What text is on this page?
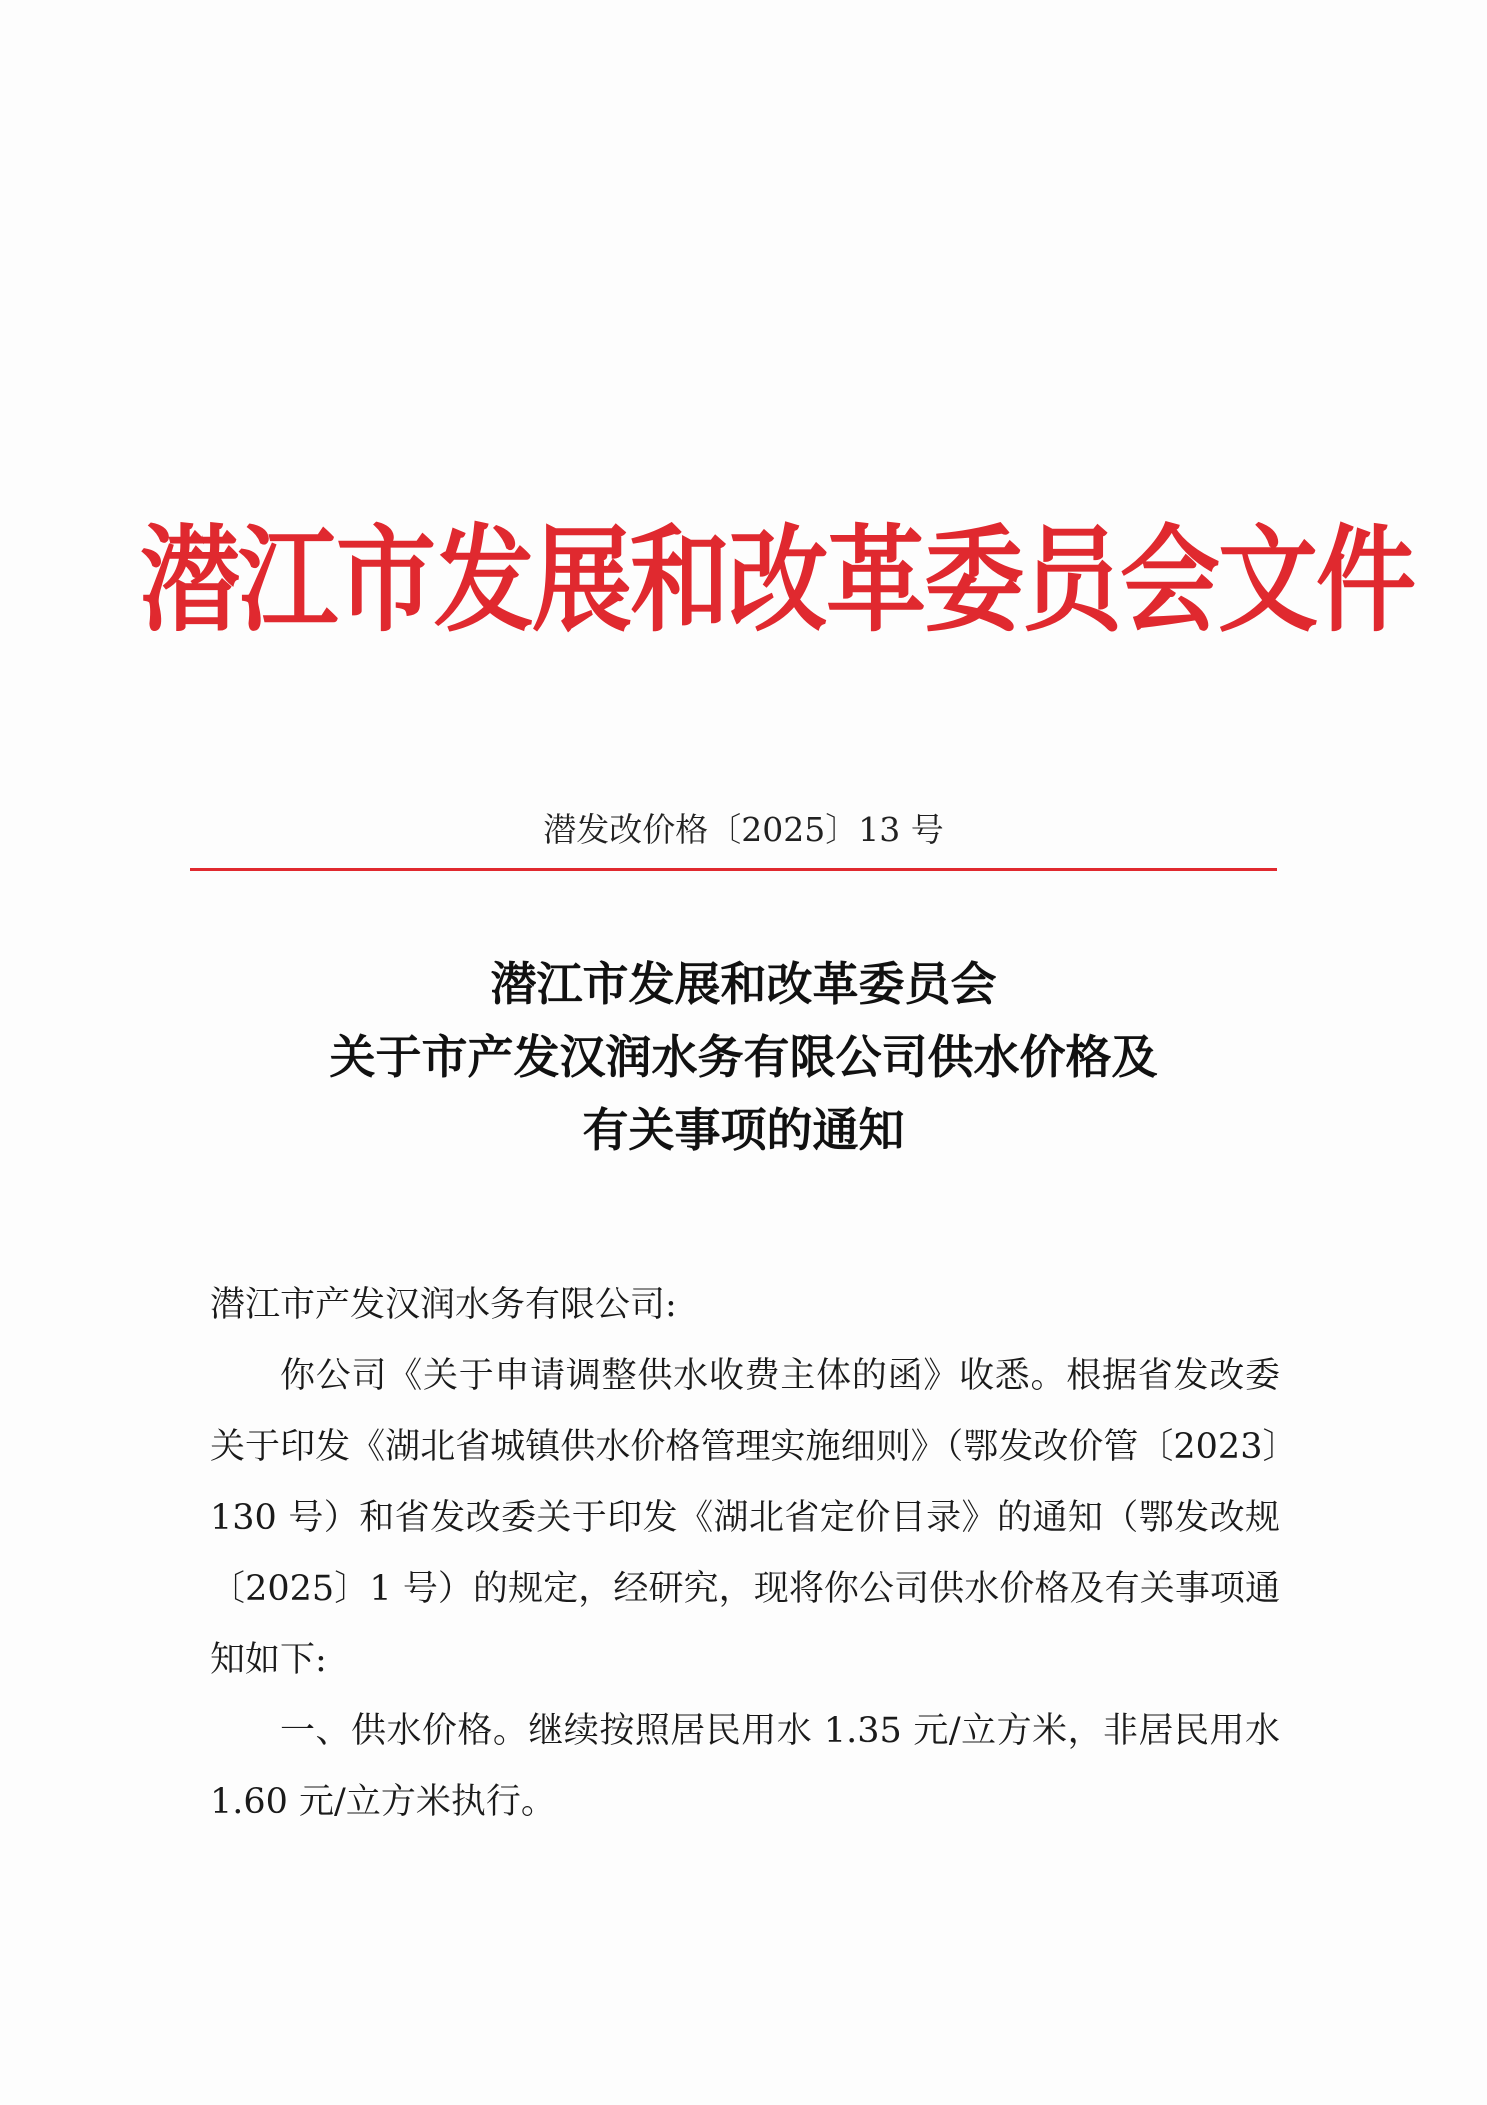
潜江市发展和改革委员会文件
潜发改价格〔2025〕13 号
潜江市发展和改革委员会
关于市产发汉润水务有限公司供水价格及
有关事项的通知

潜江市产发汉润水务有限公司:

你公司《关于申请调整供水收费主体的函》收悉。根据省发改委关于印发《湖北省城镇供水价格管理实施细则》（鄂发改价管〔2023〕130 号）和省发改委关于印发《湖北省定价目录》的通知（鄂发改规〔2025〕1 号）的规定，经研究，现将你公司供水价格及有关事项通知如下:

一、供水价格。继续按照居民用水 1.35 元/立方米，非居民用水 1.60 元/立方米执行。
